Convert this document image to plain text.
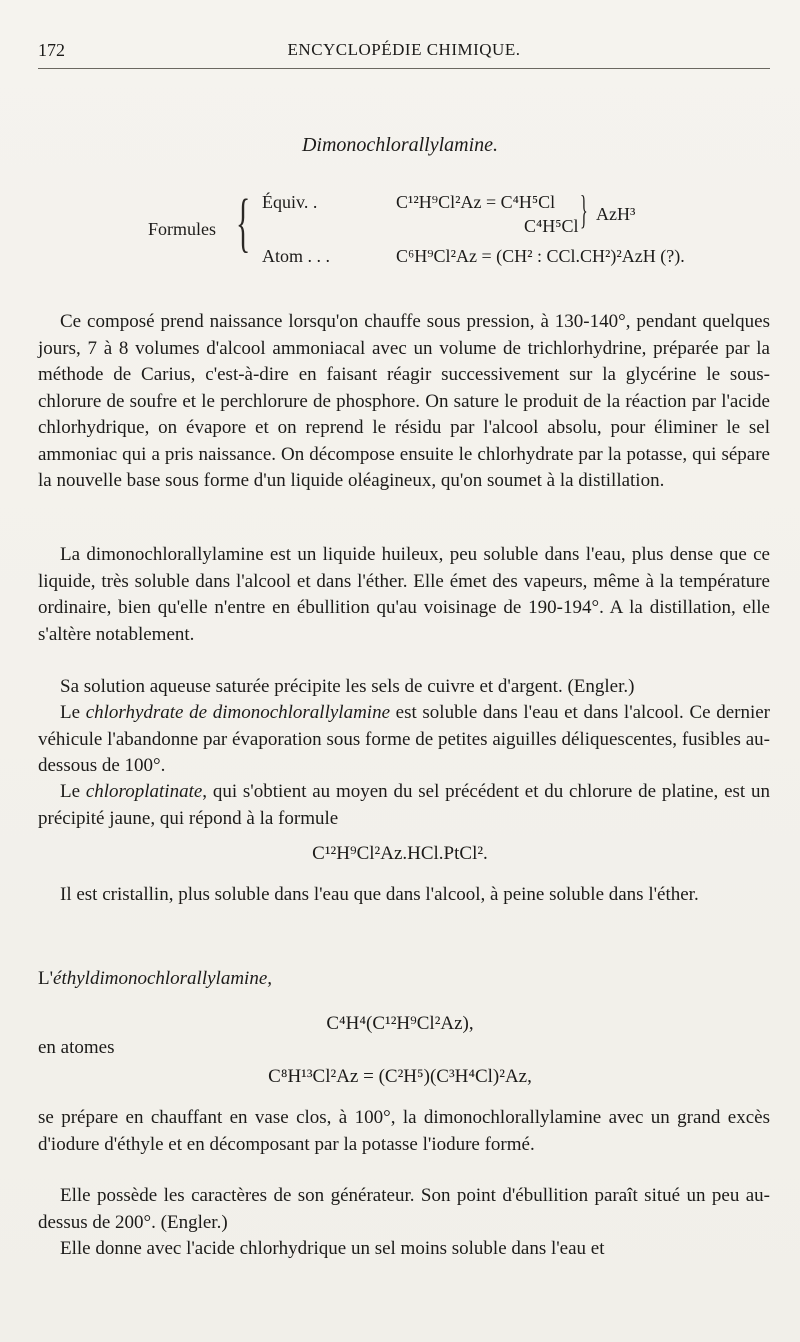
172	ENCYCLOPÉDIE CHIMIQUE.
Dimonochlorallylamine.
Formules { Équiv. .	C¹²H⁹Cl²Az = C⁴H⁵Cl
C⁴H⁵Cl } AzH³
Atom . . .	C⁶H⁹Cl²Az = (CH² : CCl.CH²)²AzH (?).
Ce composé prend naissance lorsqu'on chauffe sous pression, à 130-140°, pendant quelques jours, 7 à 8 volumes d'alcool ammoniacal avec un volume de trichlorhydrine, préparée par la méthode de Carius, c'est-à-dire en faisant réagir successivement sur la glycérine le sous-chlorure de soufre et le perchlorure de phosphore. On sature le produit de la réaction par l'acide chlorhydrique, on évapore et on reprend le résidu par l'alcool absolu, pour éliminer le sel ammoniac qui a pris naissance. On décompose ensuite le chlorhydrate par la potasse, qui sépare la nouvelle base sous forme d'un liquide oléagineux, qu'on soumet à la distillation.
La dimonochlorallylamine est un liquide huileux, peu soluble dans l'eau, plus dense que ce liquide, très soluble dans l'alcool et dans l'éther. Elle émet des vapeurs, même à la température ordinaire, bien qu'elle n'entre en ébullition qu'au voisinage de 190-194°. A la distillation, elle s'altère notablement.
Sa solution aqueuse saturée précipite les sels de cuivre et d'argent. (Engler.)
Le chlorhydrate de dimonochlorallylamine est soluble dans l'eau et dans l'alcool. Ce dernier véhicule l'abandonne par évaporation sous forme de petites aiguilles déliquescentes, fusibles au-dessous de 100°.
Le chloroplatinate, qui s'obtient au moyen du sel précédent et du chlorure de platine, est un précipité jaune, qui répond à la formule
C¹²H⁹Cl²Az.HCl.PtCl².
Il est cristallin, plus soluble dans l'eau que dans l'alcool, à peine soluble dans l'éther.
L'éthyldimonochlorallylamine,
C⁴H⁴(C¹²H⁹Cl²Az),
en atomes
C⁸H¹³Cl²Az = (C²H⁵)(C³H⁴Cl)²Az,
se prépare en chauffant en vase clos, à 100°, la dimonochlorallylamine avec un grand excès d'iodure d'éthyle et en décomposant par la potasse l'iodure formé.
Elle possède les caractères de son générateur. Son point d'ébullition paraît situé un peu au-dessus de 200°. (Engler.)
Elle donne avec l'acide chlorhydrique un sel moins soluble dans l'eau et
